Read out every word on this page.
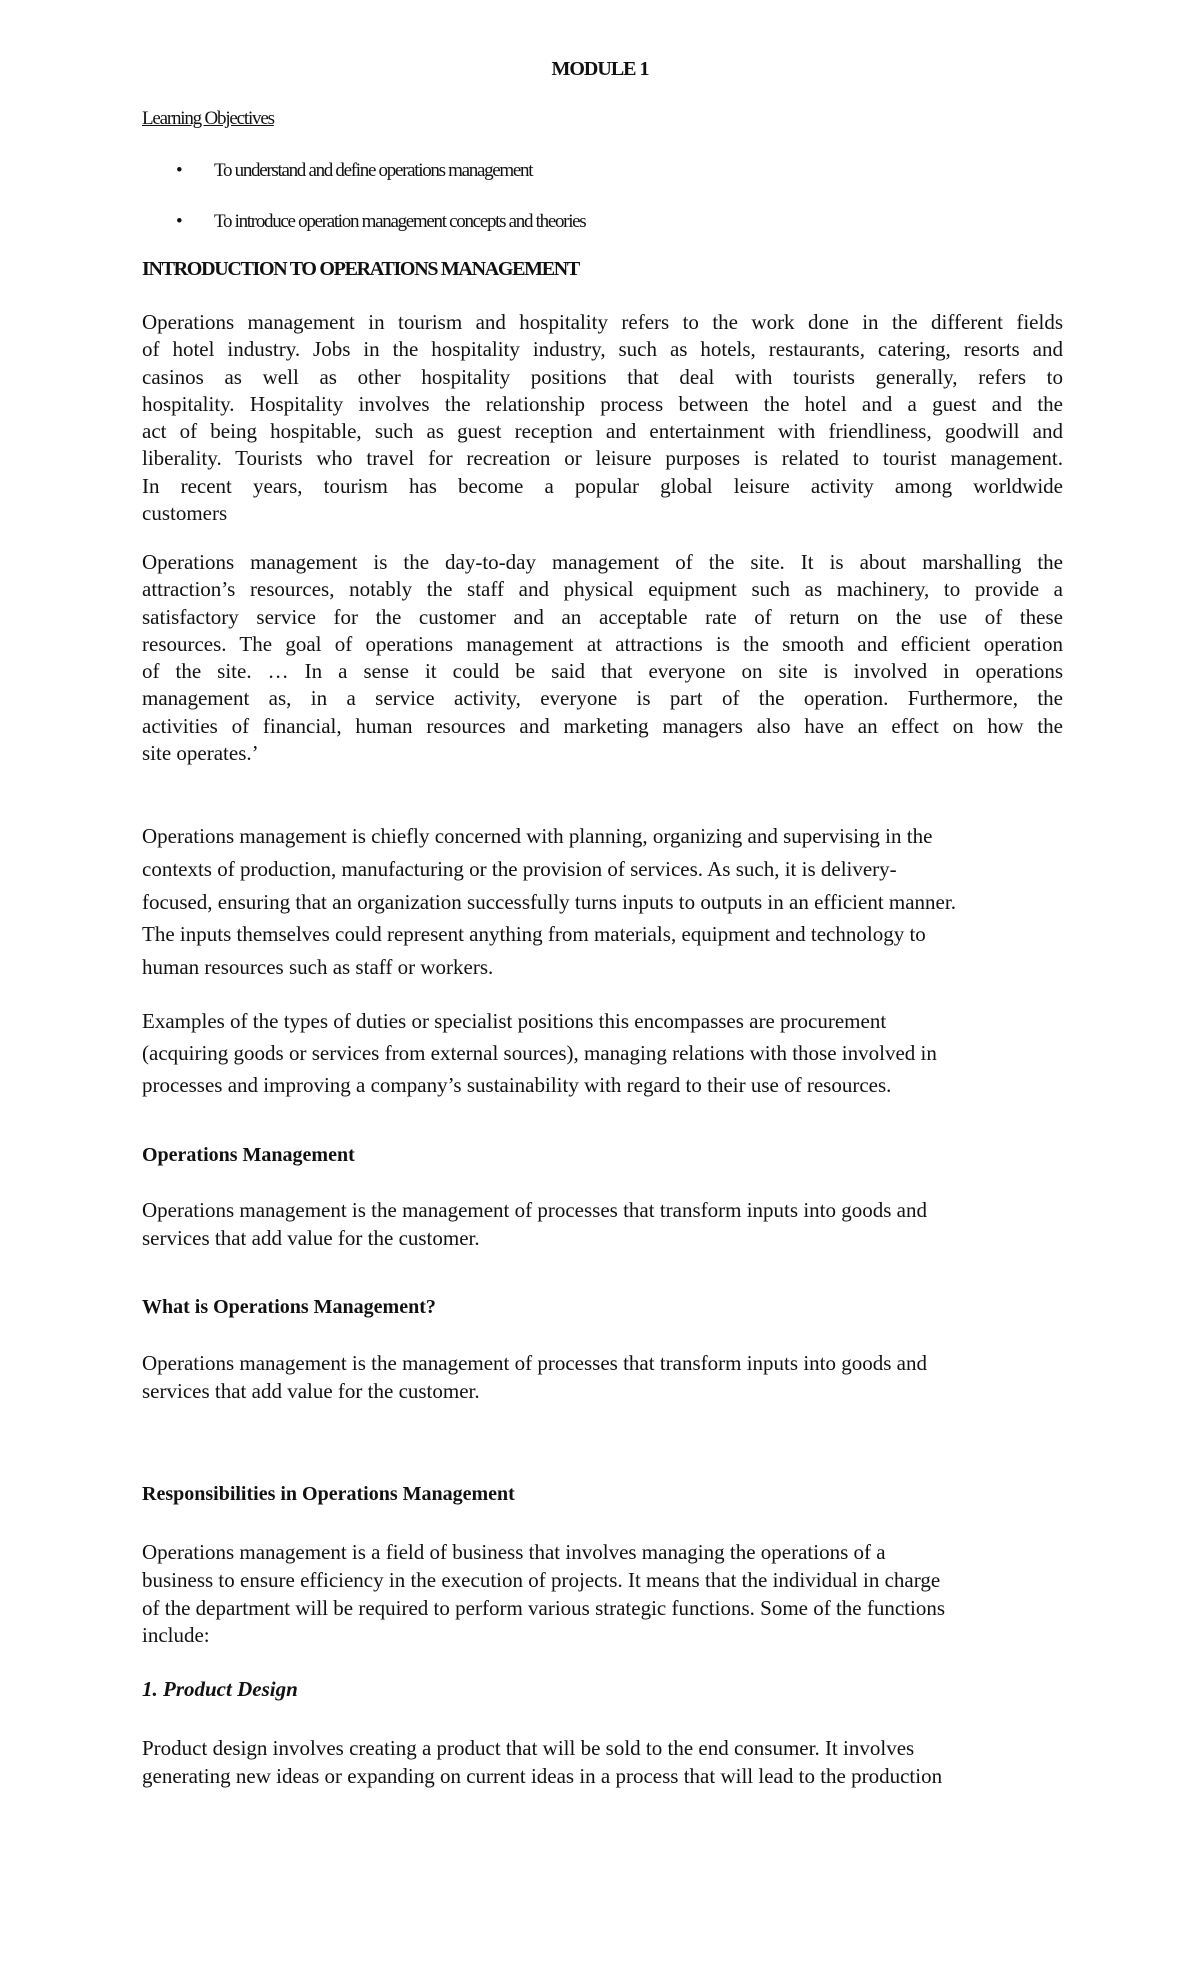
MODULE 1
Learning Objectives
• To understand and define operations management
• To introduce operation management concepts and theories
INTRODUCTION TO OPERATIONS MANAGEMENT
Operations management in tourism and hospitality refers to the work done in the different fields
of hotel industry. Jobs in the hospitality industry, such as hotels, restaurants, catering, resorts and
casinos as well as other hospitality positions that deal with tourists generally, refers to
hospitality. Hospitality involves the relationship process between the hotel and a guest and the
act of being hospitable, such as guest reception and entertainment with friendliness, goodwill and
liberality. Tourists who travel for recreation or leisure purposes is related to tourist management.
In recent years, tourism has become a popular global leisure activity among worldwide
customers
Operations management is the day-to-day management of the site. It is about marshalling the
attraction’s resources, notably the staff and physical equipment such as machinery, to provide a
satisfactory service for the customer and an acceptable rate of return on the use of these
resources. The goal of operations management at attractions is the smooth and efficient operation
of the site. … In a sense it could be said that everyone on site is involved in operations
management as, in a service activity, everyone is part of the operation. Furthermore, the
activities of financial, human resources and marketing managers also have an effect on how the
site operates.’
Operations management is chiefly concerned with planning, organizing and supervising in the
contexts of production, manufacturing or the provision of services. As such, it is delivery-
focused, ensuring that an organization successfully turns inputs to outputs in an efficient manner.
The inputs themselves could represent anything from materials, equipment and technology to
human resources such as staff or workers.
Examples of the types of duties or specialist positions this encompasses are procurement
(acquiring goods or services from external sources), managing relations with those involved in
processes and improving a company’s sustainability with regard to their use of resources.
Operations Management
Operations management is the management of processes that transform inputs into goods and
services that add value for the customer.
What is Operations Management?
Operations management is the management of processes that transform inputs into goods and
services that add value for the customer.
Responsibilities in Operations Management
Operations management is a field of business that involves managing the operations of a
business to ensure efficiency in the execution of projects. It means that the individual in charge
of the department will be required to perform various strategic functions. Some of the functions
include:
1. Product Design
Product design involves creating a product that will be sold to the end consumer. It involves
generating new ideas or expanding on current ideas in a process that will lead to the production
